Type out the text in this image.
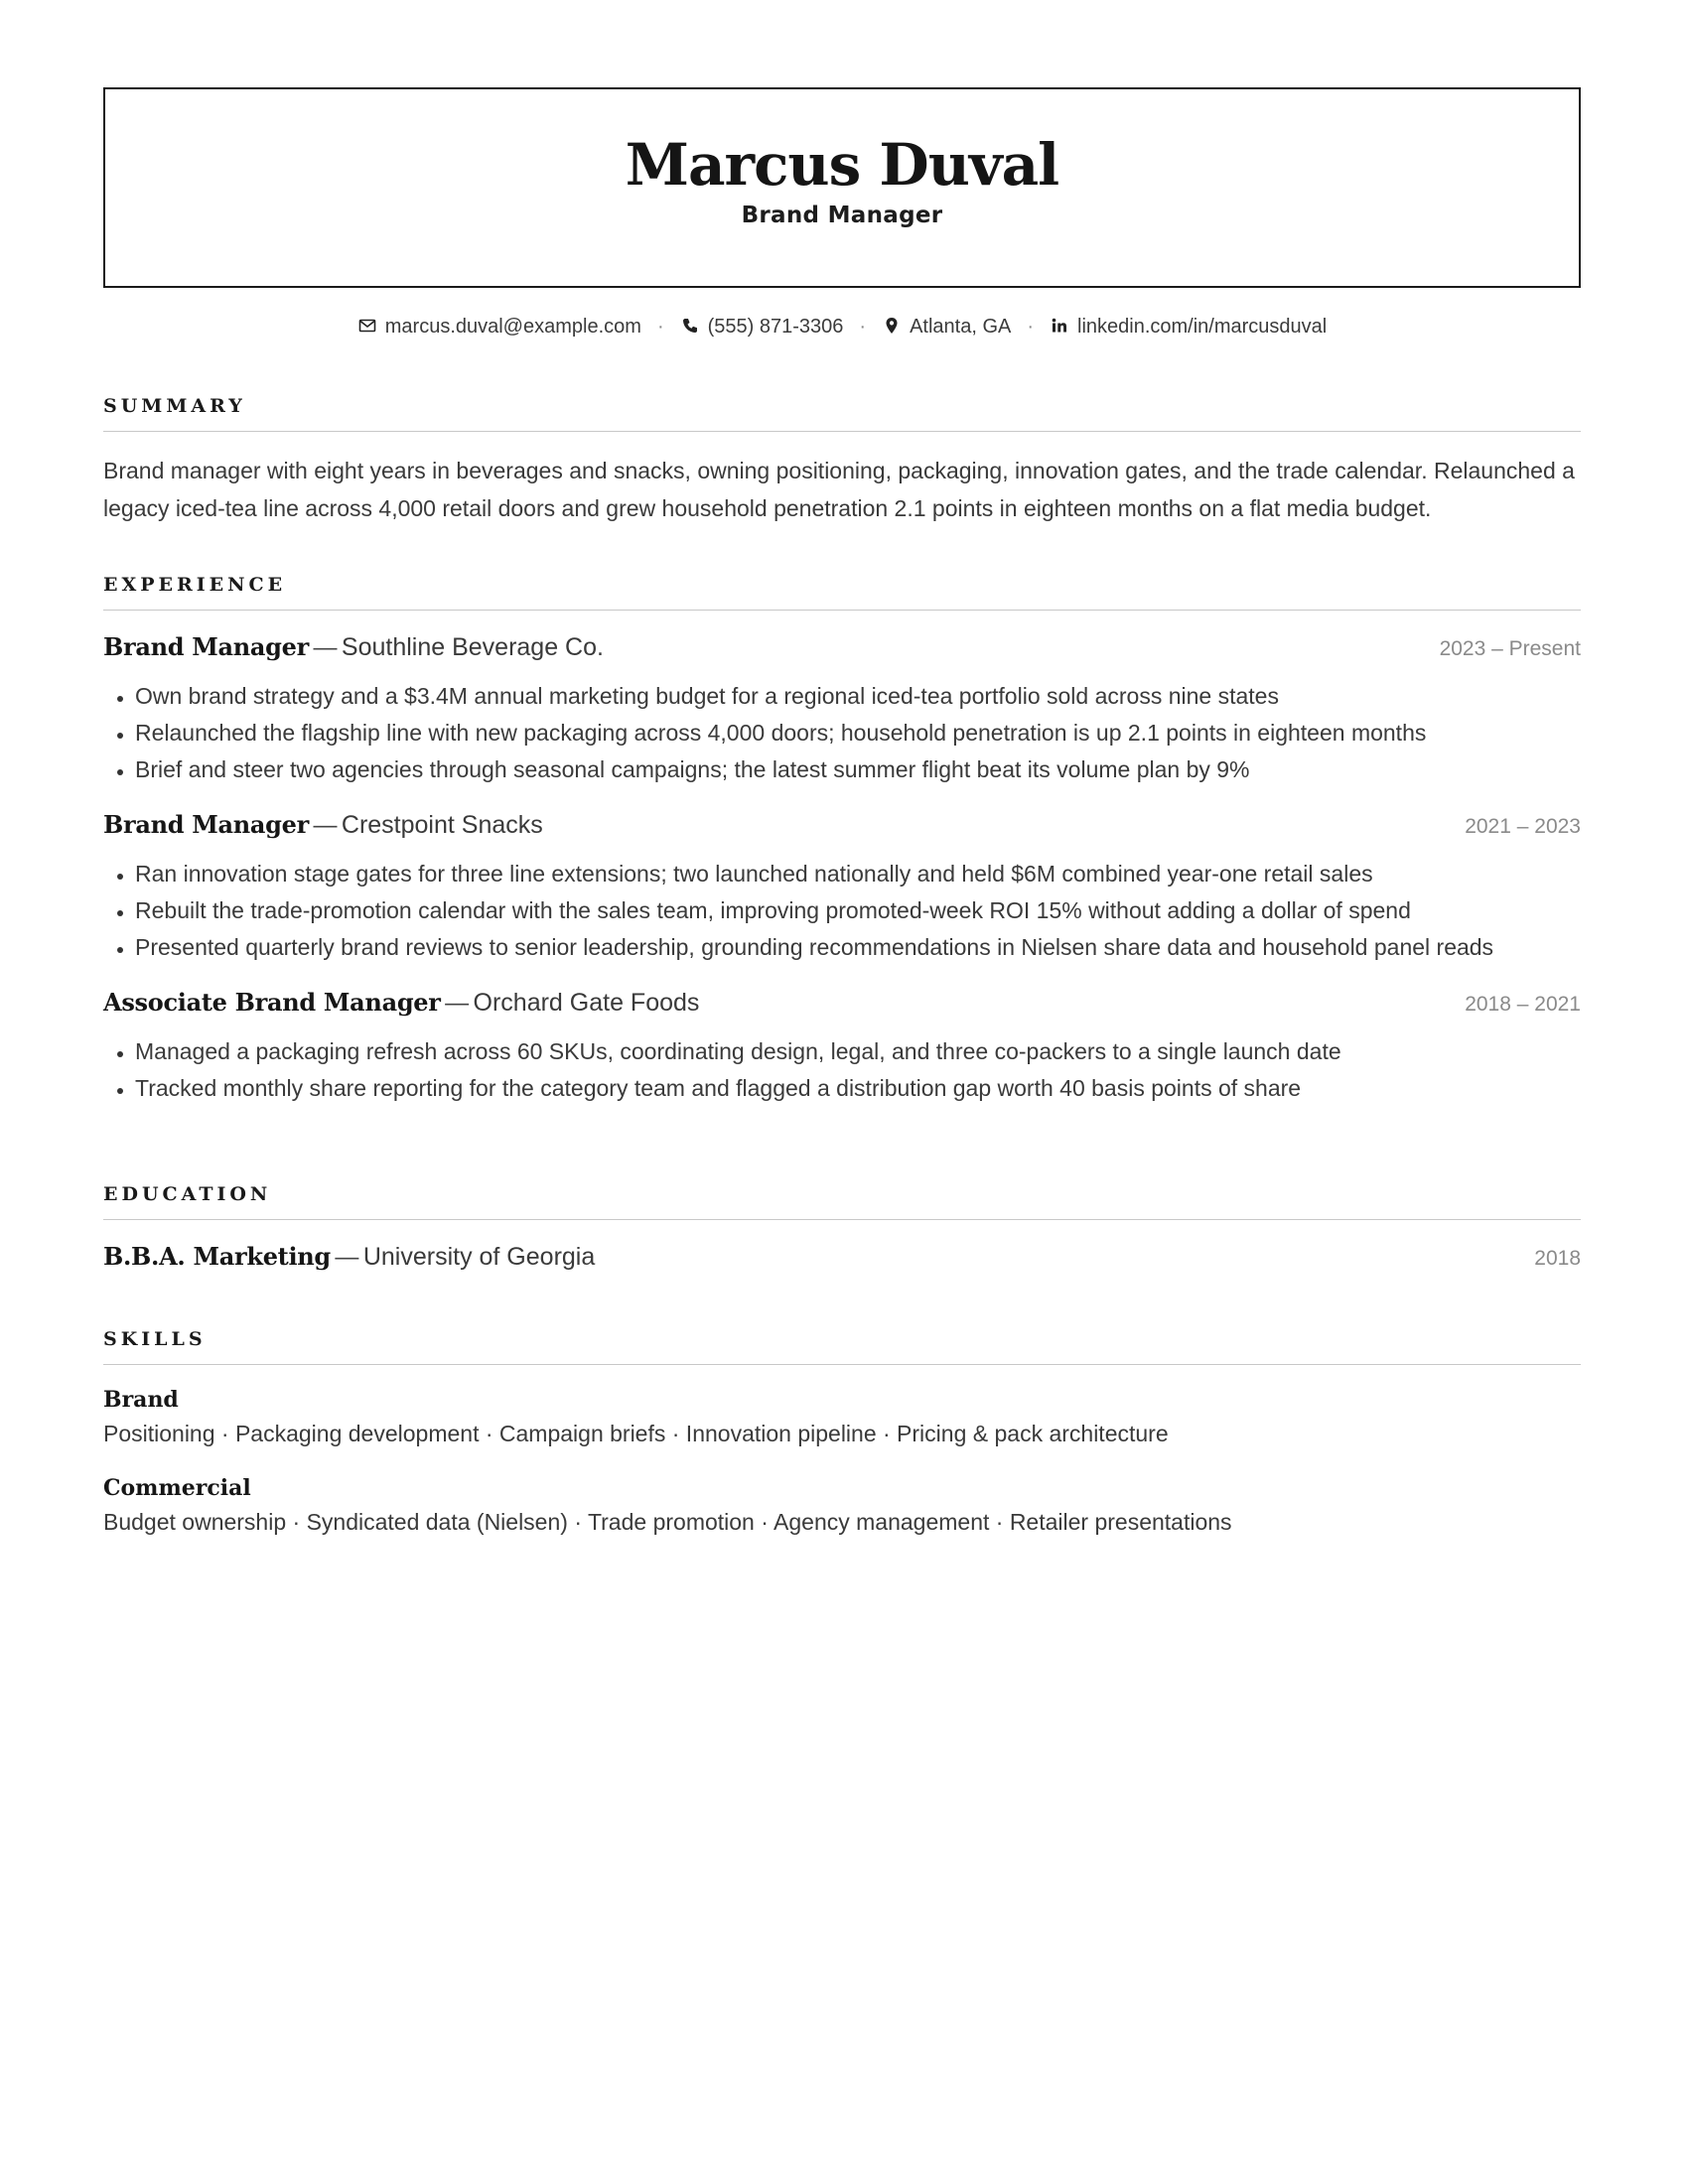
Marcus Duval
Brand Manager
marcus.duval@example.com · (555) 871-3306 · Atlanta, GA · linkedin.com/in/marcusduval
SUMMARY
Brand manager with eight years in beverages and snacks, owning positioning, packaging, innovation gates, and the trade calendar. Relaunched a legacy iced-tea line across 4,000 retail doors and grew household penetration 2.1 points in eighteen months on a flat media budget.
EXPERIENCE
Brand Manager — Southline Beverage Co.	2023 – Present
• Own brand strategy and a $3.4M annual marketing budget for a regional iced-tea portfolio sold across nine states
• Relaunched the flagship line with new packaging across 4,000 doors; household penetration is up 2.1 points in eighteen months
• Brief and steer two agencies through seasonal campaigns; the latest summer flight beat its volume plan by 9%
Brand Manager — Crestpoint Snacks	2021 – 2023
• Ran innovation stage gates for three line extensions; two launched nationally and held $6M combined year-one retail sales
• Rebuilt the trade-promotion calendar with the sales team, improving promoted-week ROI 15% without adding a dollar of spend
• Presented quarterly brand reviews to senior leadership, grounding recommendations in Nielsen share data and household panel reads
Associate Brand Manager — Orchard Gate Foods	2018 – 2021
• Managed a packaging refresh across 60 SKUs, coordinating design, legal, and three co-packers to a single launch date
• Tracked monthly share reporting for the category team and flagged a distribution gap worth 40 basis points of share
EDUCATION
B.B.A. Marketing — University of Georgia	2018
SKILLS
Brand
Positioning · Packaging development · Campaign briefs · Innovation pipeline · Pricing & pack architecture
Commercial
Budget ownership · Syndicated data (Nielsen) · Trade promotion · Agency management · Retailer presentations
